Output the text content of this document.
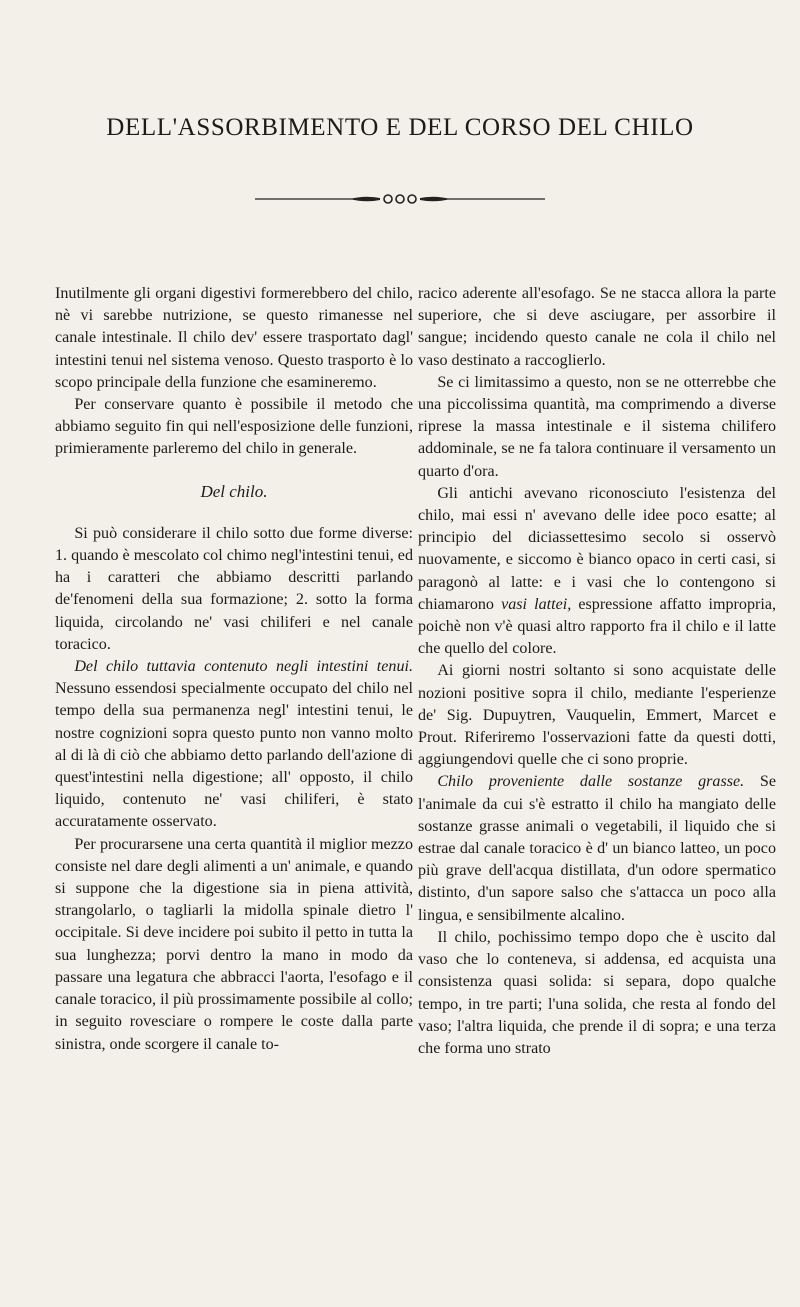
DELL'ASSORBIMENTO E DEL CORSO DEL CHILO

Inutilmente gli organi digestivi formerebbero del chilo, nè vi sarebbe nutrizione, se questo rimanesse nel canale intestinale. Il chilo dev' essere trasportato dagl' intestini tenui nel sistema venoso. Questo trasporto è lo scopo principale della funzione che esamineremo.

Per conservare quanto è possibile il metodo che abbiamo seguito fin qui nell'esposizione delle funzioni, primieramente parleremo del chilo in generale.

Del chilo.

Si può considerare il chilo sotto due forme diverse: 1. quando è mescolato col chimo negl'intestini tenui, ed ha i caratteri che abbiamo descritti parlando de'fenomeni della sua formazione; 2. sotto la forma liquida, circolando ne' vasi chiliferi e nel canale toracico.

Del chilo tuttavia contenuto negli intestini tenui. Nessuno essendosi specialmente occupato del chilo nel tempo della sua permanenza negl' intestini tenui, le nostre cognizioni sopra questo punto non vanno molto al di là di ciò che abbiamo detto parlando dell'azione di quest'intestini nella digestione; all' opposto, il chilo liquido, contenuto ne' vasi chiliferi, è stato accuratamente osservato.

Per procurarsene una certa quantità il miglior mezzo consiste nel dare degli alimenti a un' animale, e quando si suppone che la digestione sia in piena attività, strangolarlo, o tagliarli la midolla spinale dietro l' occipitale. Si deve incidere poi subito il petto in tutta la sua lunghezza; porvi dentro la mano in modo da passare una legatura che abbracci l'aorta, l'esofago e il canale toracico, il più prossimamente possibile al collo; in seguito rovesciare o rompere le coste dalla parte sinistra, onde scorgere il canale to-

racico aderente all'esofago. Se ne stacca allora la parte superiore, che si deve asciugare, per assorbire il sangue; incidendo questo canale ne cola il chilo nel vaso destinato a raccoglierlo.

Se ci limitassimo a questo, non se ne otterrebbe che una piccolissima quantità, ma comprimendo a diverse riprese la massa intestinale e il sistema chilifero addominale, se ne fa talora continuare il versamento un quarto d'ora.

Gli antichi avevano riconosciuto l'esistenza del chilo, mai essi n' avevano delle idee poco esatte; al principio del diciassettesimo secolo si osservò nuovamente, e siccomo è bianco opaco in certi casi, si paragonò al latte: e i vasi che lo contengono si chiamarono vasi lattei, espressione affatto impropria, poichè non v'è quasi altro rapporto fra il chilo e il latte che quello del colore.

Ai giorni nostri soltanto si sono acquistate delle nozioni positive sopra il chilo, mediante l'esperienze de' Sig. Dupuytren, Vauquelin, Emmert, Marcet e Prout. Riferiremo l'osservazioni fatte da questi dotti, aggiungendovi quelle che ci sono proprie.

Chilo proveniente dalle sostanze grasse. Se l'animale da cui s'è estratto il chilo ha mangiato delle sostanze grasse animali o vegetabili, il liquido che si estrae dal canale toracico è d' un bianco latteo, un poco più grave dell'acqua distillata, d'un odore spermatico distinto, d'un sapore salso che s'attacca un poco alla lingua, e sensibilmente alcalino.

Il chilo, pochissimo tempo dopo che è uscito dal vaso che lo conteneva, si addensa, ed acquista una consistenza quasi solida: si separa, dopo qualche tempo, in tre parti; l'una solida, che resta al fondo del vaso; l'altra liquida, che prende il di sopra; e una terza che forma uno strato
